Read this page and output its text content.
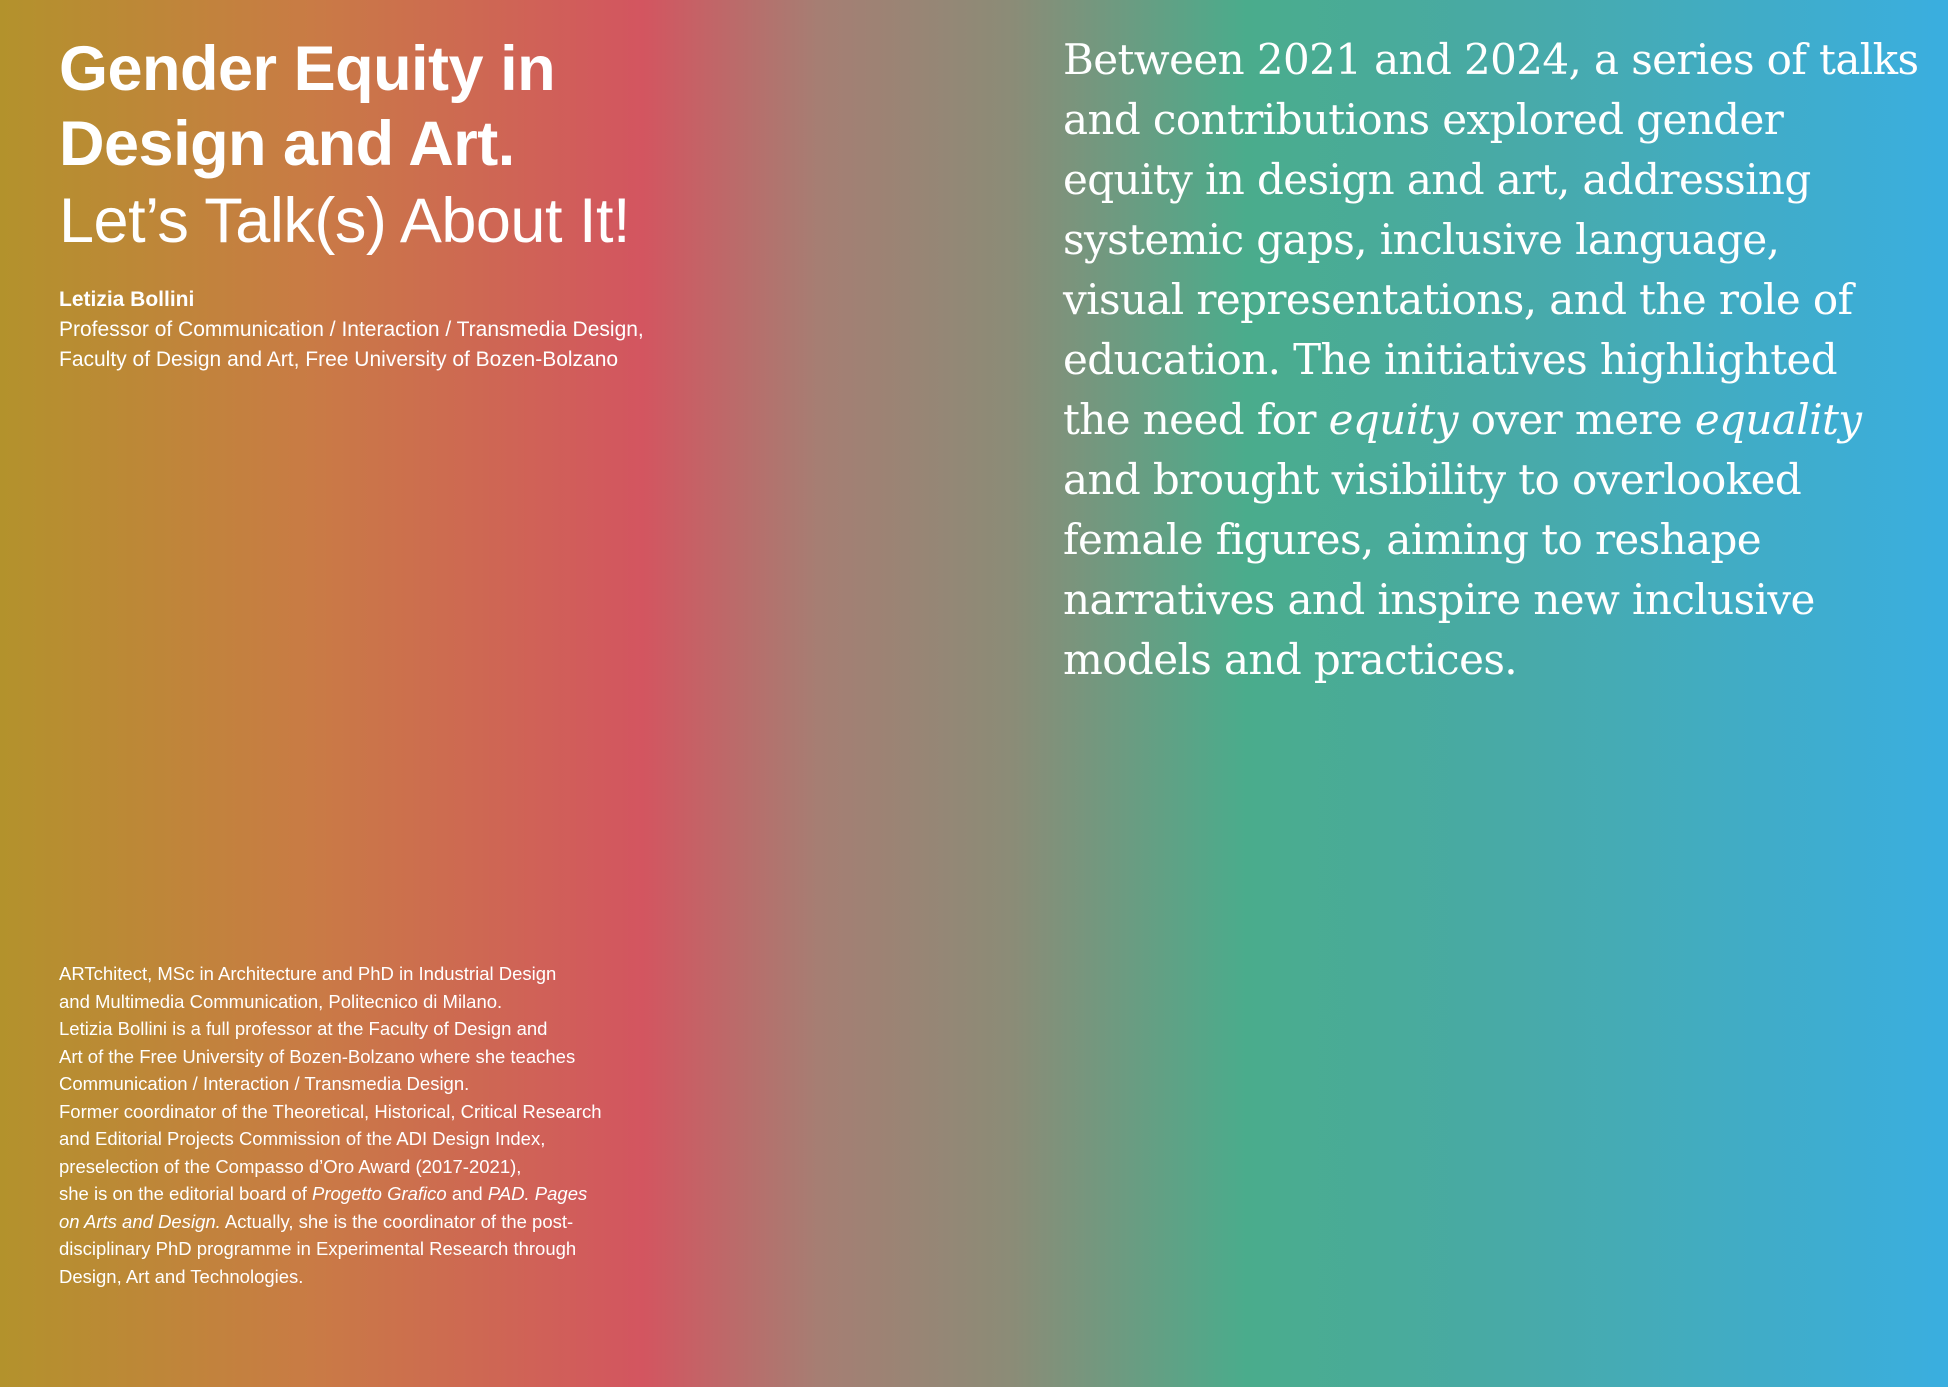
Gender Equity in
Design and Art.
Let’s Talk(s) About It!
Letizia Bollini
Professor of Communication / Interaction / Transmedia Design,
Faculty of Design and Art, Free University of Bozen-Bolzano
ARTchitect, MSc in Architecture and PhD in Industrial Design
and Multimedia Communication, Politecnico di Milano.
Letizia Bollini is a full professor at the Faculty of Design and
Art of the Free University of Bozen-Bolzano where she teaches
Communication / Interaction / Transmedia Design.
Former coordinator of the Theoretical, Historical, Critical Research
and Editorial Projects Commission of the ADI Design Index,
preselection of the Compasso d’Oro Award (2017-2021),
she is on the editorial board of Progetto Grafico and PAD. Pages
on Arts and Design. Actually, she is the coordinator of the post-
disciplinary PhD programme in Experimental Research through
Design, Art and Technologies.
Between 2021 and 2024, a series of talks
and contributions explored gender
equity in design and art, addressing
systemic gaps, inclusive language,
visual representations, and the role of
education. The initiatives highlighted
the need for equity over mere equality
and brought visibility to overlooked
female figures, aiming to reshape
narratives and inspire new inclusive
models and practices.
